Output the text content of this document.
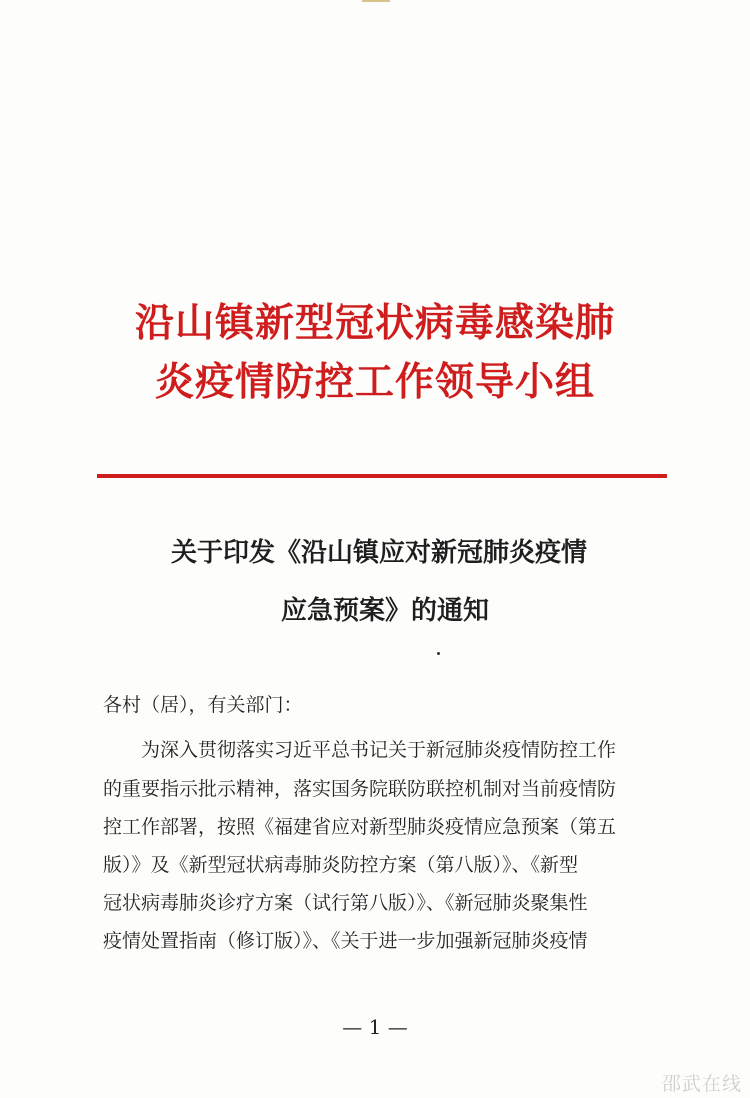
沿山镇新型冠状病毒感染肺
炎疫情防控工作领导小组
关于印发《沿山镇应对新冠肺炎疫情
应急预案》的通知
各村（居），有关部门：
　　为深入贯彻落实习近平总书记关于新冠肺炎疫情防控工作
的重要指示批示精神，落实国务院联防联控机制对当前疫情防
控工作部署，按照《福建省应对新型肺炎疫情应急预案（第五
版）》及《新型冠状病毒肺炎防控方案（第八版）》、《新型
冠状病毒肺炎诊疗方案（试行第八版）》、《新冠肺炎聚集性
疫情处置指南（修订版）》、《关于进一步加强新冠肺炎疫情
— 1 —
邵武在线
